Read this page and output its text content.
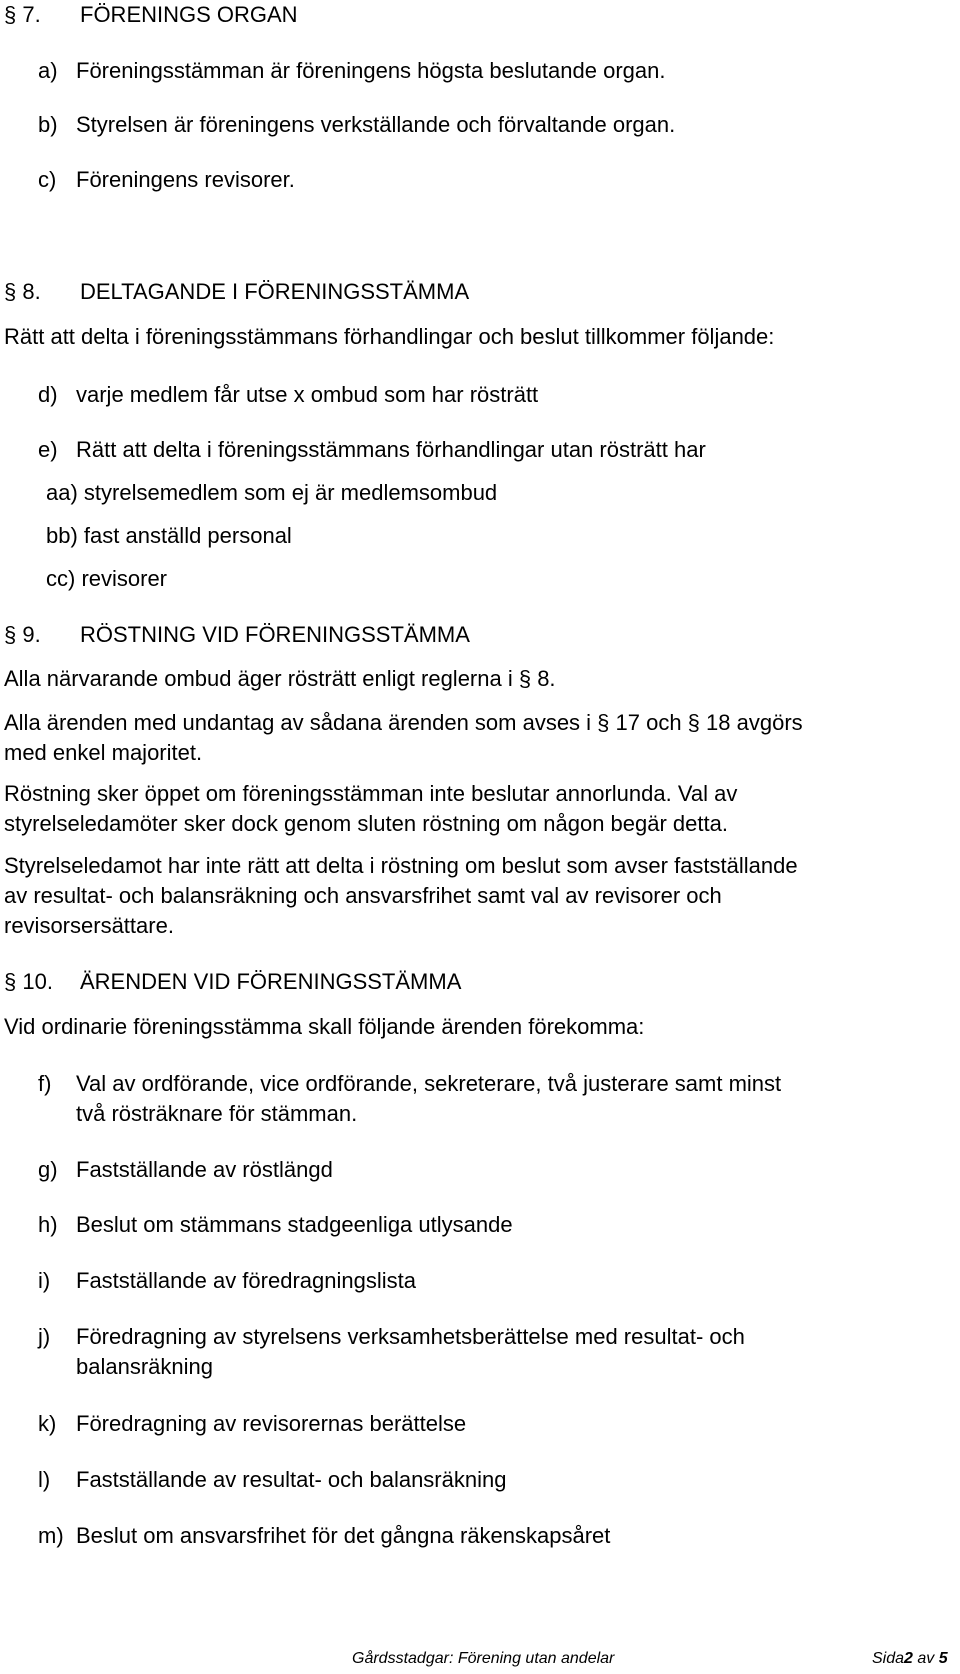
§ 7. FÖRENINGS ORGAN
a) Föreningsstämman är föreningens högsta beslutande organ.
b) Styrelsen är föreningens verkställande och förvaltande organ.
c) Föreningens revisorer.
§ 8. DELTAGANDE I FÖRENINGSSTÄMMA
Rätt att delta i föreningsstämmans förhandlingar och beslut tillkommer följande:
d) varje medlem får utse x ombud som har rösträtt
e) Rätt att delta i föreningsstämmans förhandlingar utan rösträtt har
aa) styrelsemedlem som ej är medlemsombud
bb) fast anställd personal
cc) revisorer
§ 9. RÖSTNING VID FÖRENINGSSTÄMMA
Alla närvarande ombud äger rösträtt enligt reglerna i § 8.
Alla ärenden med undantag av sådana ärenden som avses i § 17 och § 18 avgörs
med enkel majoritet.
Röstning sker öppet om föreningsstämman inte beslutar annorlunda. Val av
styrelseledamöter sker dock genom sluten röstning om någon begär detta.
Styrelseledamot har inte rätt att delta i röstning om beslut som avser fastställande
av resultat- och balansräkning och ansvarsfrihet samt val av revisorer och
revisorsersättare.
§ 10. ÄRENDEN VID FÖRENINGSSTÄMMA
Vid ordinarie föreningsstämma skall följande ärenden förekomma:
f) Val av ordförande, vice ordförande, sekreterare, två justerare samt minst
två rösträknare för stämman.
g) Fastställande av röstlängd
h) Beslut om stämmans stadgeenliga utlysande
i) Fastställande av föredragningslista
j) Föredragning av styrelsens verksamhetsberättelse med resultat- och
balansräkning
k) Föredragning av revisorernas berättelse
l) Fastställande av resultat- och balansräkning
m) Beslut om ansvarsfrihet för det gångna räkenskapsåret
Gårdsstadgar: Förening utan andelar	Sida2 av 5
